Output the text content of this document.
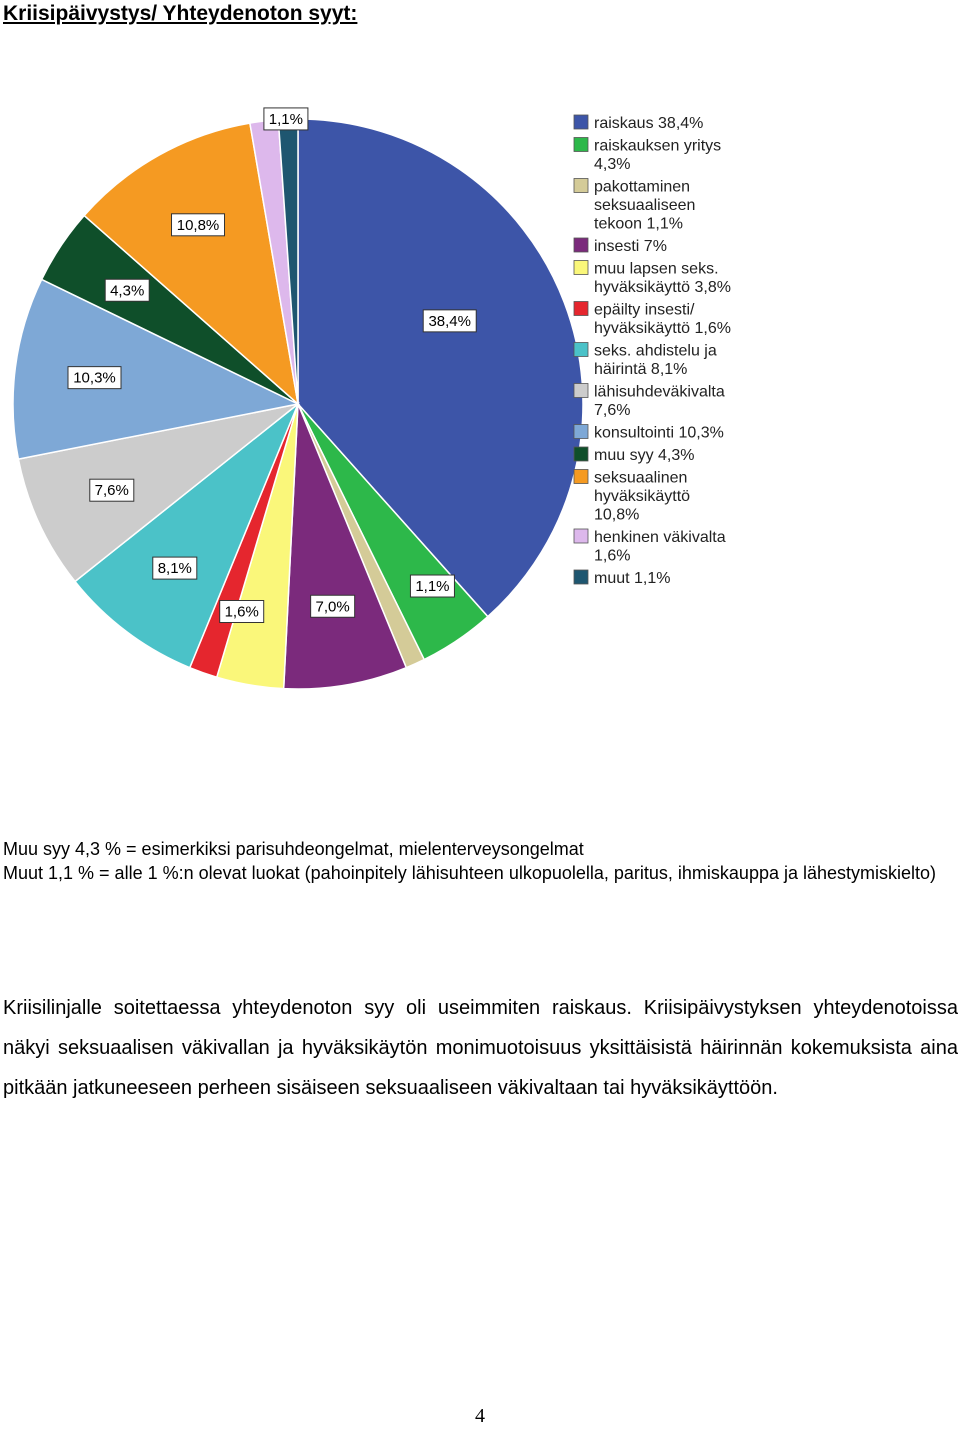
Kriisipäivystys/ Yhteydenoton syyt:
38,4%
1,1%
7,0%
1,6%
8,1%
7,6%
10,3%
4,3%
10,8%
1,1%	raiskaus 38,4%
raiskauksen yritys
4,3%
pakottaminen
seksuaaliseen
tekoon 1,1%
insesti 7%
muu lapsen seks.
hyväksikäyttö 3,8%
epäilty insesti/
hyväksikäyttö 1,6%
seks. ahdistelu ja
häirintä 8,1%
lähisuhdeväkivalta
7,6%
konsultointi 10,3%
muu syy 4,3%
seksuaalinen
hyväksikäyttö
10,8%
henkinen väkivalta
1,6%
muut 1,1%

Muu syy 4,3 % = esimerkiksi parisuhdeongelmat, mielenterveysongelmat

Muut 1,1 % = alle 1 %:n olevat luokat (pahoinpitely lähisuhteen ulkopuolella, paritus, ihmiskauppa ja lähestymiskielto)

Kriisilinjalle soitettaessa yhteydenoton syy oli useimmiten raiskaus. Kriisipäivystyksen yhteydenotoissa näkyi seksuaalisen väkivallan ja hyväksikäytön monimuotoisuus yksittäisistä häirinnän kokemuksista aina pitkään jatkuneeseen perheen sisäiseen seksuaaliseen väkivaltaan tai hyväksikäyttöön.

4
